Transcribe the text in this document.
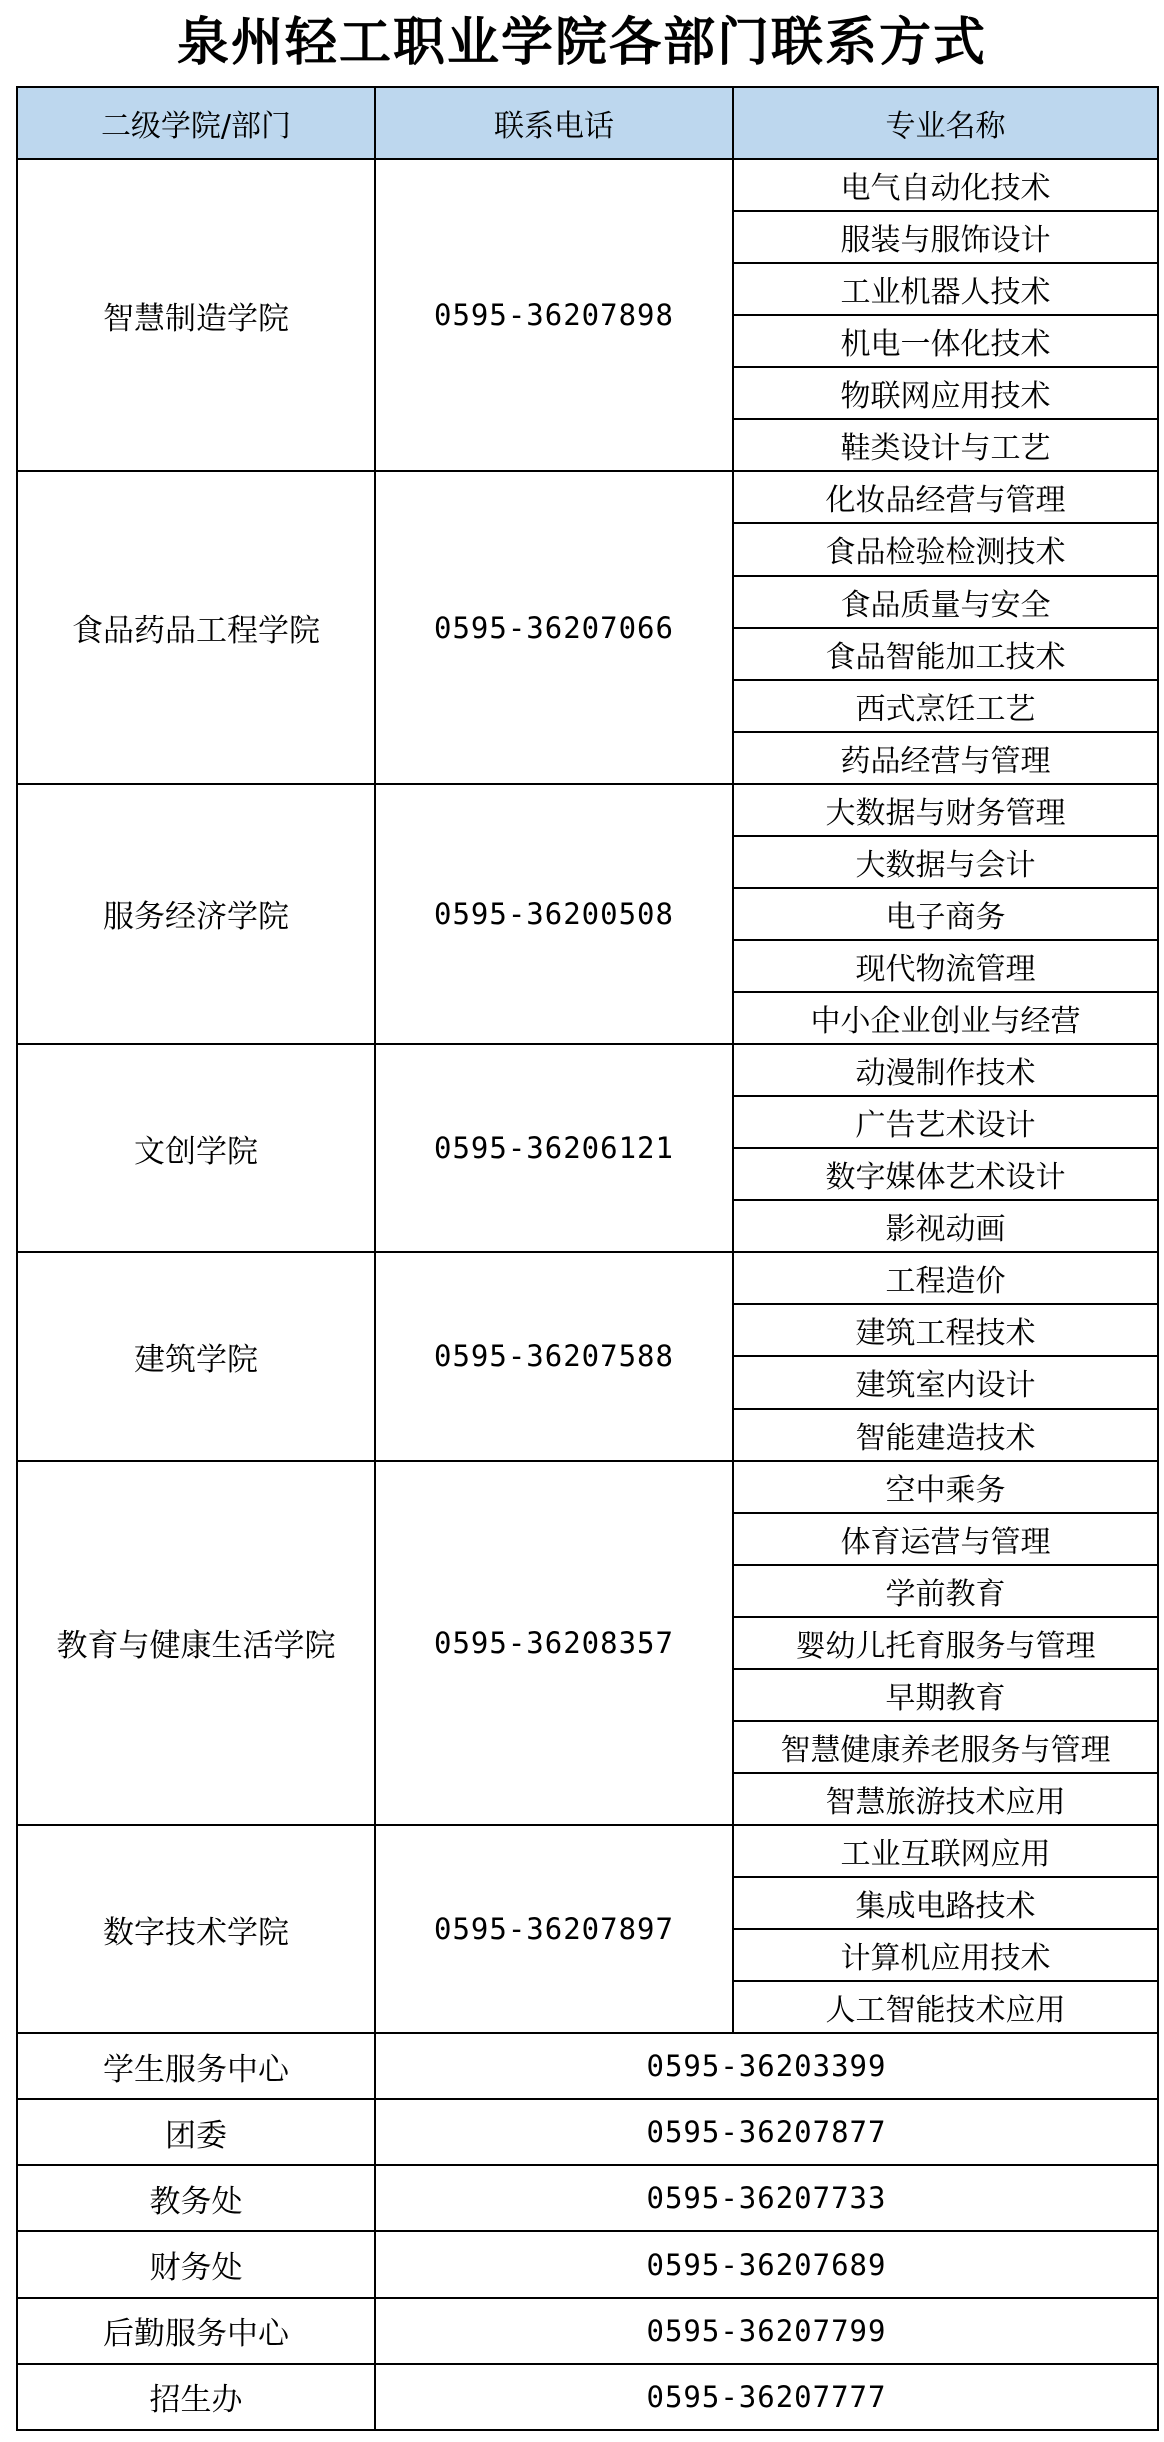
泉州轻工职业学院各部门联系方式
二级学院/部门	联系电话	专业名称
智慧制造学院	0595-36207898	电气自动化技术
		服装与服饰设计
		工业机器人技术
		机电一体化技术
		物联网应用技术
		鞋类设计与工艺
食品药品工程学院	0595-36207066	化妆品经营与管理
		食品检验检测技术
		食品质量与安全
		食品智能加工技术
		西式烹饪工艺
		药品经营与管理
服务经济学院	0595-36200508	大数据与财务管理
		大数据与会计
		电子商务
		现代物流管理
		中小企业创业与经营
文创学院	0595-36206121	动漫制作技术
		广告艺术设计
		数字媒体艺术设计
		影视动画
建筑学院	0595-36207588	工程造价
		建筑工程技术
		建筑室内设计
		智能建造技术
教育与健康生活学院	0595-36208357	空中乘务
		体育运营与管理
		学前教育
		婴幼儿托育服务与管理
		早期教育
		智慧健康养老服务与管理
		智慧旅游技术应用
数字技术学院	0595-36207897	工业互联网应用
		集成电路技术
		计算机应用技术
		人工智能技术应用
学生服务中心	0595-36203399	
团委	0595-36207877	
教务处	0595-36207733	
财务处	0595-36207689	
后勤服务中心	0595-36207799	
招生办	0595-36207777	
